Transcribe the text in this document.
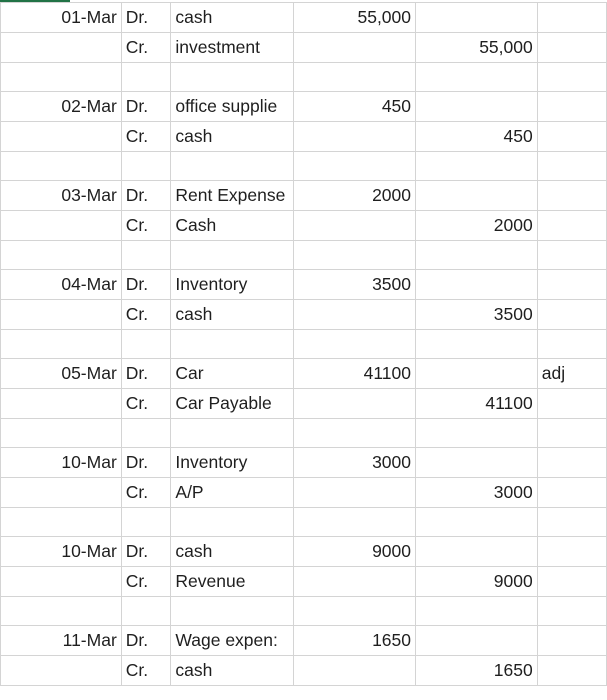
01-Mar	Dr.	cash	55,000		
	Cr.	investment		55,000	

02-Mar	Dr.	office supplie	450		
	Cr.	cash		450	

03-Mar	Dr.	Rent Expense	2000		
	Cr.	Cash		2000	

04-Mar	Dr.	Inventory	3500		
	Cr.	cash		3500	

05-Mar	Dr.	Car	41100		adj
	Cr.	Car Payable		41100	

10-Mar	Dr.	Inventory	3000		
	Cr.	A/P		3000	

10-Mar	Dr.	cash	9000		
	Cr.	Revenue		9000	

11-Mar	Dr.	Wage expen:	1650		
	Cr.	cash		1650	
